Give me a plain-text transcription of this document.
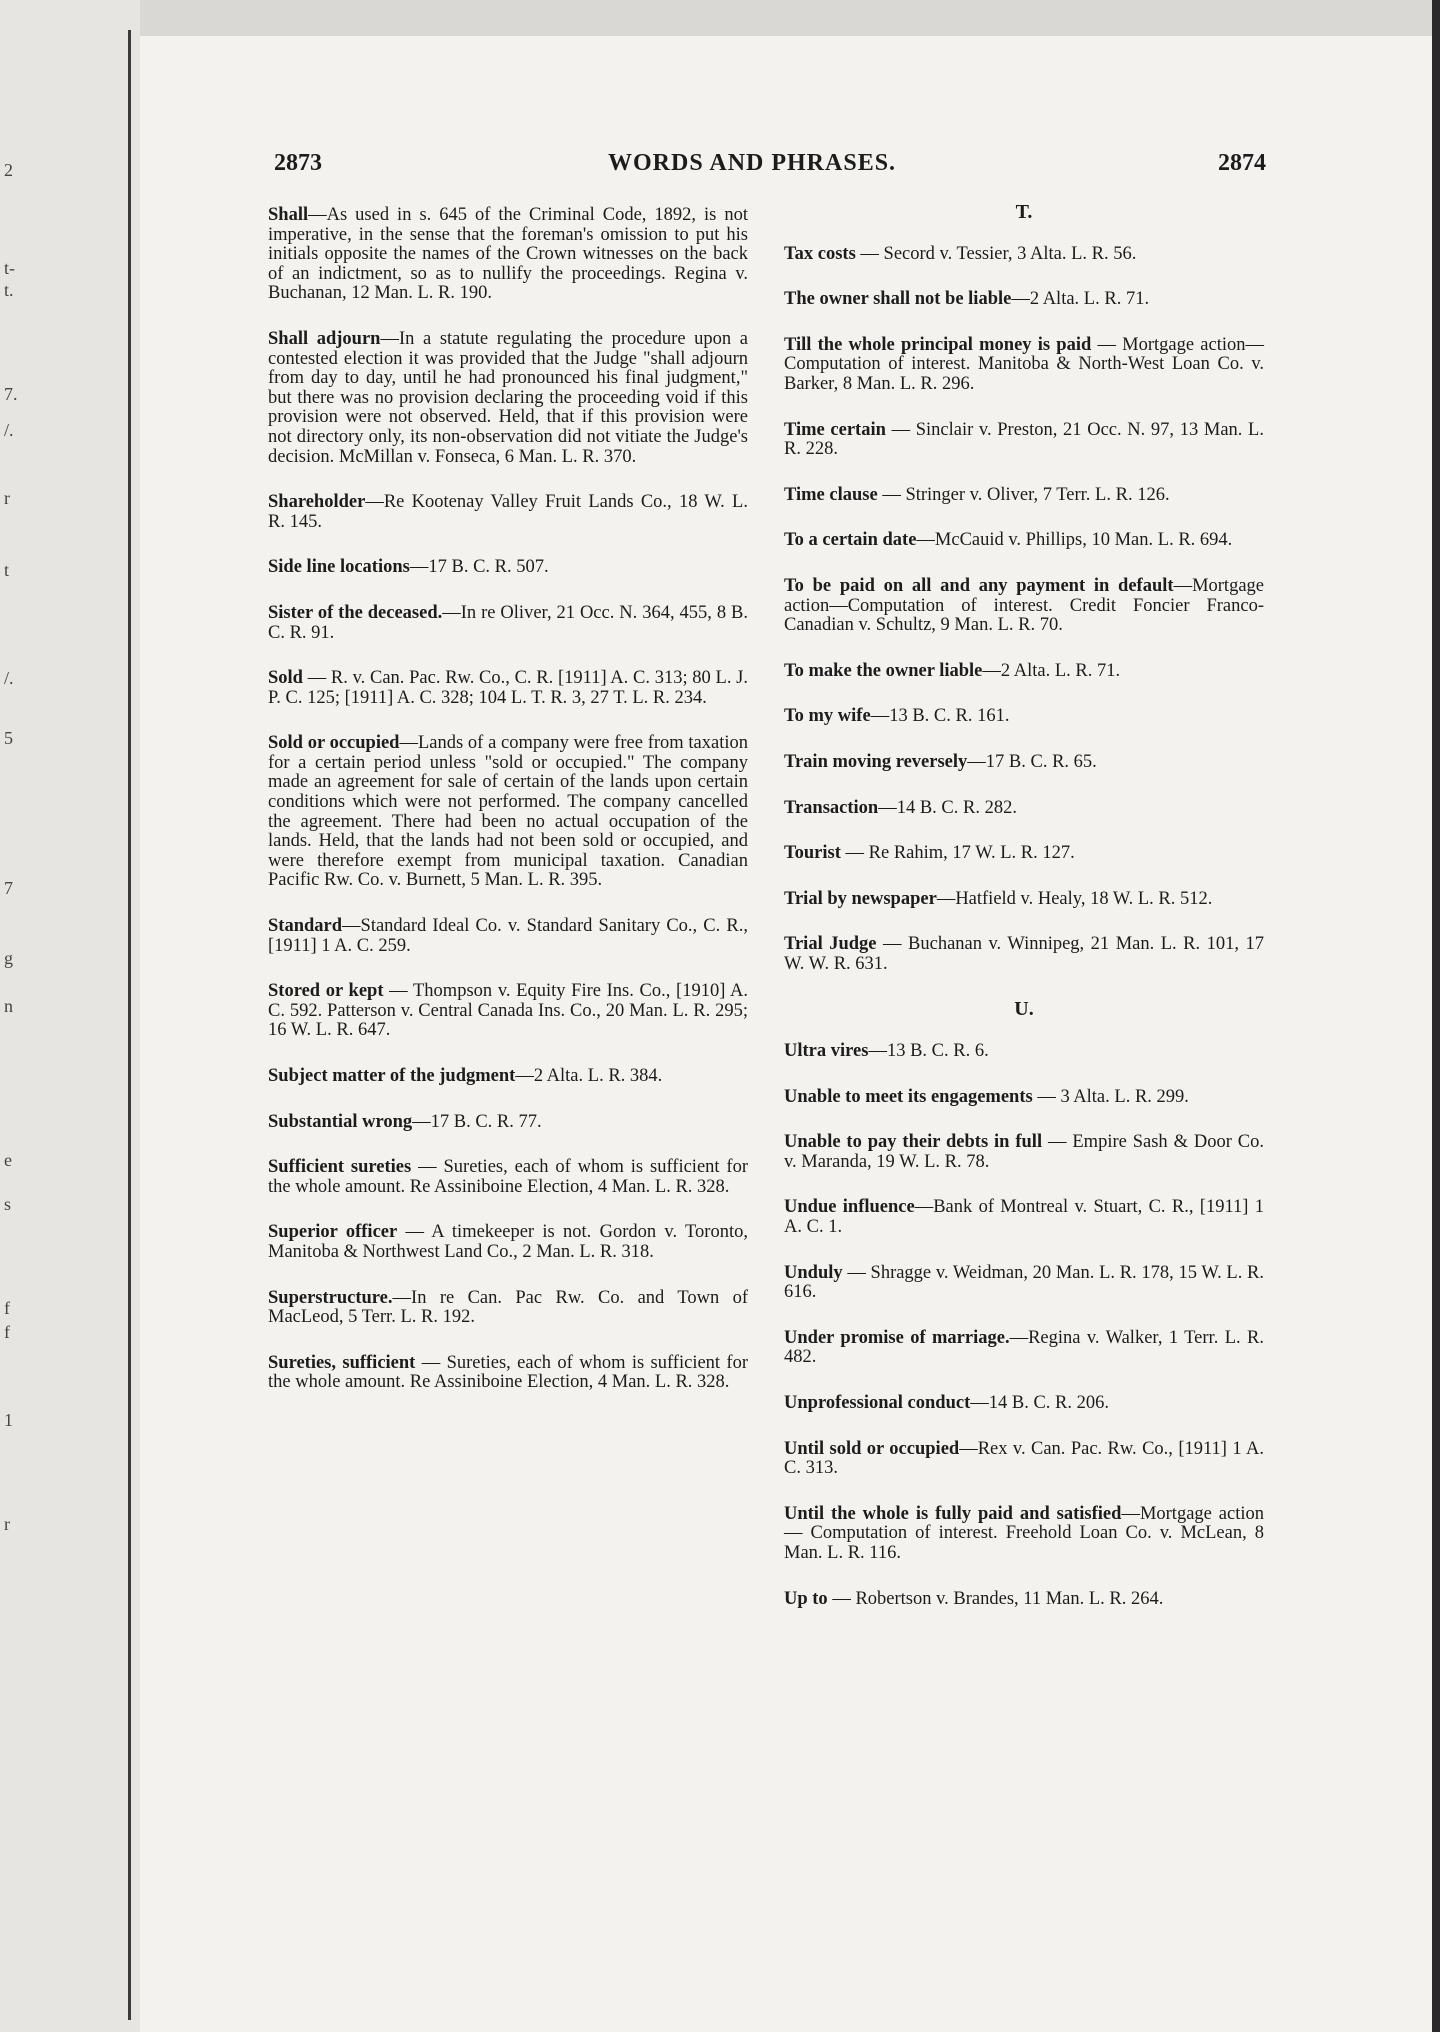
2
t-
t.
7.
/.
r
t
/.
5
7
g
n
e
s
f
f
1
r
2873	WORDS AND PHRASES.	2874
Shall—As used in s. 645 of the Criminal Code, 1892, is not imperative, in the sense that the foreman's omission to put his initials opposite the names of the Crown witnesses on the back of an indictment, so as to nullify the proceedings. Regina v. Buchanan, 12 Man. L. R. 190.
Shall adjourn—In a statute regulating the procedure upon a contested election it was provided that the Judge "shall adjourn from day to day, until he had pronounced his final judgment," but there was no provision declaring the proceeding void if this provision were not observed. Held, that if this provision were not directory only, its non-observation did not vitiate the Judge's decision. McMillan v. Fonseca, 6 Man. L. R. 370.
Shareholder—Re Kootenay Valley Fruit Lands Co., 18 W. L. R. 145.
Side line locations—17 B. C. R. 507.
Sister of the deceased.—In re Oliver, 21 Occ. N. 364, 455, 8 B. C. R. 91.
Sold — R. v. Can. Pac. Rw. Co., C. R. [1911] A. C. 313; 80 L. J. P. C. 125; [1911] A. C. 328; 104 L. T. R. 3, 27 T. L. R. 234.
Sold or occupied—Lands of a company were free from taxation for a certain period unless "sold or occupied." The company made an agreement for sale of certain of the lands upon certain conditions which were not performed. The company cancelled the agreement. There had been no actual occupation of the lands. Held, that the lands had not been sold or occupied, and were therefore exempt from municipal taxation. Canadian Pacific Rw. Co. v. Burnett, 5 Man. L. R. 395.
Standard—Standard Ideal Co. v. Standard Sanitary Co., C. R., [1911] 1 A. C. 259.
Stored or kept — Thompson v. Equity Fire Ins. Co., [1910] A. C. 592. Patterson v. Central Canada Ins. Co., 20 Man. L. R. 295; 16 W. L. R. 647.
Subject matter of the judgment—2 Alta. L. R. 384.
Substantial wrong—17 B. C. R. 77.
Sufficient sureties — Sureties, each of whom is sufficient for the whole amount. Re Assiniboine Election, 4 Man. L. R. 328.
Superior officer — A timekeeper is not. Gordon v. Toronto, Manitoba & Northwest Land Co., 2 Man. L. R. 318.
Superstructure.—In re Can. Pac Rw. Co. and Town of MacLeod, 5 Terr. L. R. 192.
Sureties, sufficient — Sureties, each of whom is sufficient for the whole amount. Re Assiniboine Election, 4 Man. L. R. 328.
T.
Tax costs — Secord v. Tessier, 3 Alta. L. R. 56.
The owner shall not be liable—2 Alta. L. R. 71.
Till the whole principal money is paid — Mortgage action—Computation of interest. Manitoba & North-West Loan Co. v. Barker, 8 Man. L. R. 296.
Time certain — Sinclair v. Preston, 21 Occ. N. 97, 13 Man. L. R. 228.
Time clause — Stringer v. Oliver, 7 Terr. L. R. 126.
To a certain date—McCauid v. Phillips, 10 Man. L. R. 694.
To be paid on all and any payment in default—Mortgage action—Computation of interest. Credit Foncier Franco-Canadian v. Schultz, 9 Man. L. R. 70.
To make the owner liable—2 Alta. L. R. 71.
To my wife—13 B. C. R. 161.
Train moving reversely—17 B. C. R. 65.
Transaction—14 B. C. R. 282.
Tourist — Re Rahim, 17 W. L. R. 127.
Trial by newspaper—Hatfield v. Healy, 18 W. L. R. 512.
Trial Judge — Buchanan v. Winnipeg, 21 Man. L. R. 101, 17 W. W. R. 631.
U.
Ultra vires—13 B. C. R. 6.
Unable to meet its engagements — 3 Alta. L. R. 299.
Unable to pay their debts in full — Empire Sash & Door Co. v. Maranda, 19 W. L. R. 78.
Undue influence—Bank of Montreal v. Stuart, C. R., [1911] 1 A. C. 1.
Unduly — Shragge v. Weidman, 20 Man. L. R. 178, 15 W. L. R. 616.
Under promise of marriage.—Regina v. Walker, 1 Terr. L. R. 482.
Unprofessional conduct—14 B. C. R. 206.
Until sold or occupied—Rex v. Can. Pac. Rw. Co., [1911] 1 A. C. 313.
Until the whole is fully paid and satisfied—Mortgage action — Computation of interest. Freehold Loan Co. v. McLean, 8 Man. L. R. 116.
Up to — Robertson v. Brandes, 11 Man. L. R. 264.
